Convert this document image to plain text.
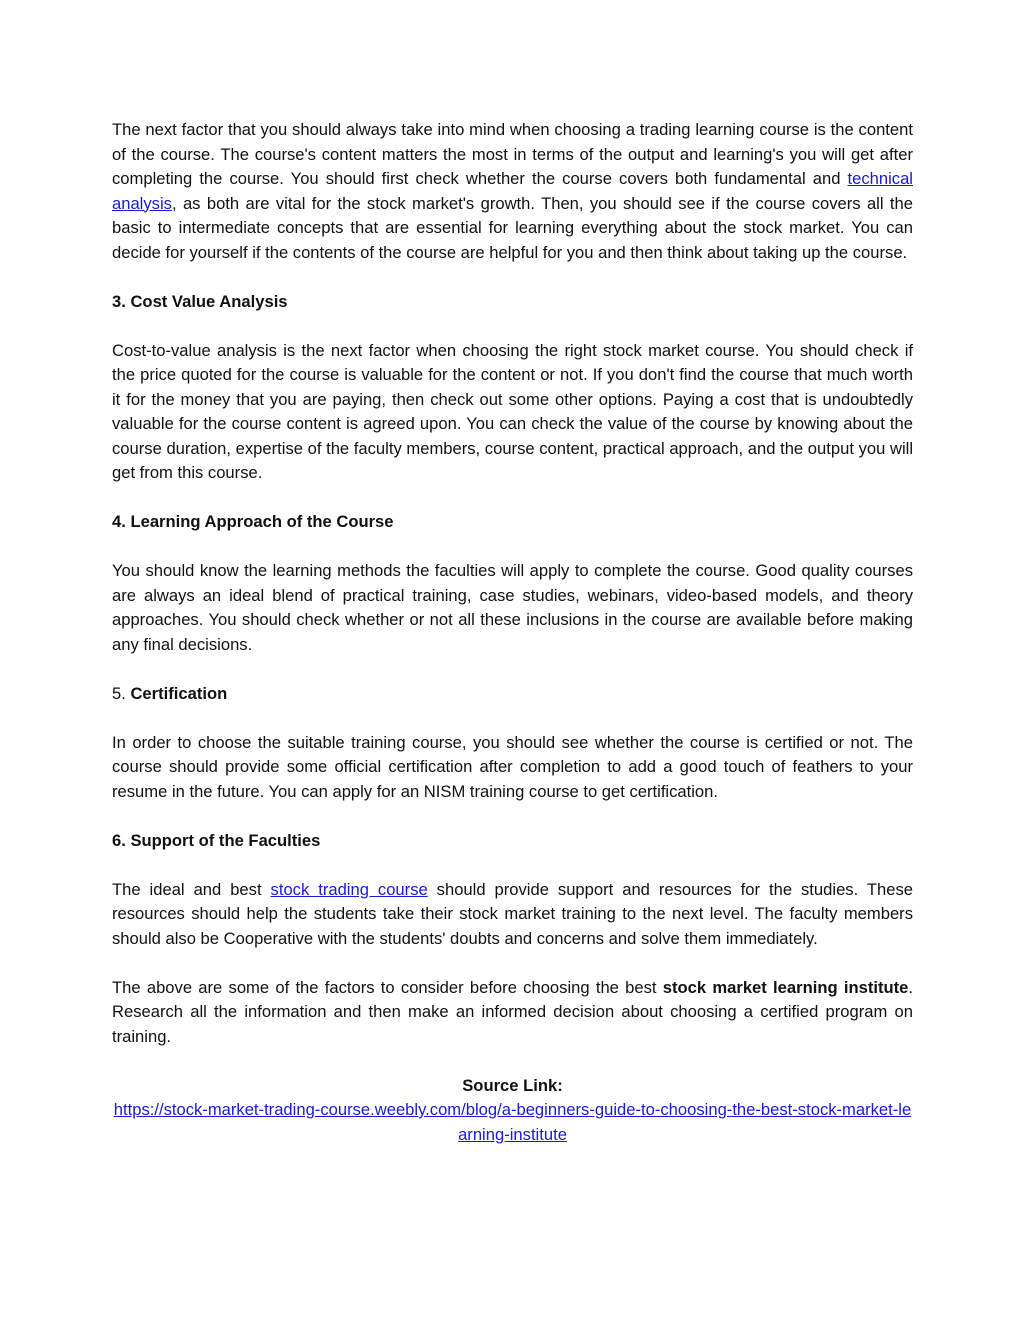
The next factor that you should always take into mind when choosing a trading learning course is the content of the course. The course's content matters the most in terms of the output and learning's you will get after completing the course. You should first check whether the course covers both fundamental and technical analysis, as both are vital for the stock market's growth. Then, you should see if the course covers all the basic to intermediate concepts that are essential for learning everything about the stock market. You can decide for yourself if the contents of the course are helpful for you and then think about taking up the course.

3. Cost Value Analysis

Cost-to-value analysis is the next factor when choosing the right stock market course. You should check if the price quoted for the course is valuable for the content or not. If you don't find the course that much worth it for the money that you are paying, then check out some other options. Paying a cost that is undoubtedly valuable for the course content is agreed upon. You can check the value of the course by knowing about the course duration, expertise of the faculty members, course content, practical approach, and the output you will get from this course.

4. Learning Approach of the Course

You should know the learning methods the faculties will apply to complete the course. Good quality courses are always an ideal blend of practical training, case studies, webinars, video-based models, and theory approaches. You should check whether or not all these inclusions in the course are available before making any final decisions.

5. Certification

In order to choose the suitable training course, you should see whether the course is certified or not. The course should provide some official certification after completion to add a good touch of feathers to your resume in the future. You can apply for an NISM training course to get certification.

6. Support of the Faculties

The ideal and best stock trading course should provide support and resources for the studies. These resources should help the students take their stock market training to the next level. The faculty members should also be Cooperative with the students' doubts and concerns and solve them immediately.

The above are some of the factors to consider before choosing the best stock market learning institute. Research all the information and then make an informed decision about choosing a certified program on training.

Source Link:
https://stock-market-trading-course.weebly.com/blog/a-beginners-guide-to-choosing-the-best-stock-market-learning-institute
